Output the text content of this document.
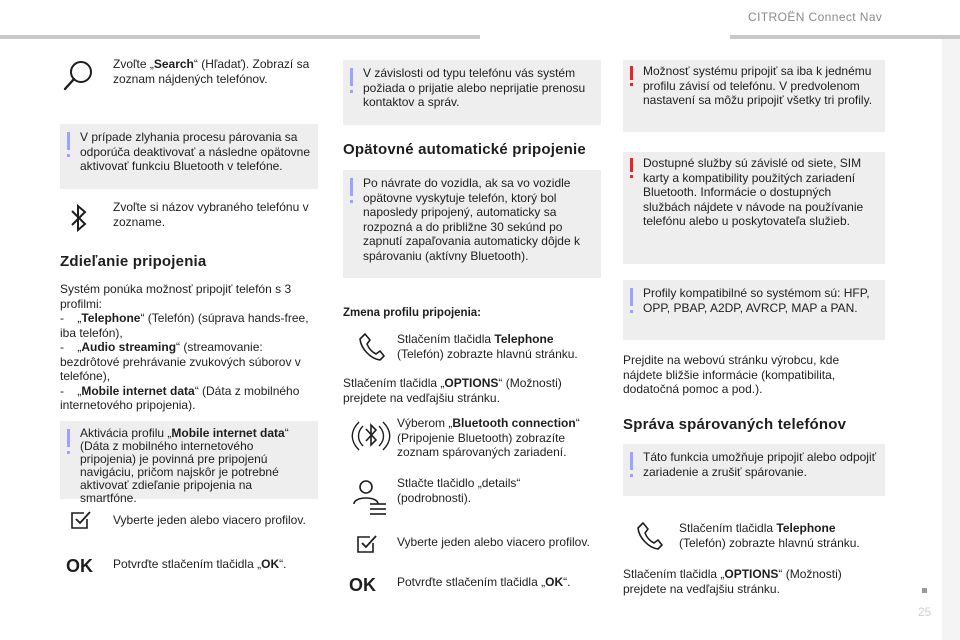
CITROËN Connect Nav
25
Zvoľte „Search“ (Hľadať). Zobrazí sa zoznam nájdených telefónov.
V prípade zlyhania procesu párovania sa odporúča deaktivovať a následne opätovne aktivovať funkciu Bluetooth v telefóne.
Zvoľte si názov vybraného telefónu v zozname.
Zdieľanie pripojenia
Systém ponúka možnosť pripojiť telefón s 3 profilmi:
- „Telephone“ (Telefón) (súprava hands-free, iba telefón),
- „Audio streaming“ (streamovanie: bezdrôtové prehrávanie zvukových súborov v telefóne),
- „Mobile internet data“ (Dáta z mobilného internetového pripojenia).
Aktivácia profilu „Mobile internet data“ (Dáta z mobilného internetového pripojenia) je povinná pre pripojenú navigáciu, pričom najskôr je potrebné aktivovať zdieľanie pripojenia na smartfóne.
Vyberte jeden alebo viacero profilov.
OK Potvrďte stlačením tlačidla „OK“.
V závislosti od typu telefónu vás systém požiada o prijatie alebo neprijatie prenosu kontaktov a správ.
Opätovné automatické pripojenie
Po návrate do vozidla, ak sa vo vozidle opätovne vyskytuje telefón, ktorý bol naposledy pripojený, automaticky sa rozpozná a do približne 30 sekúnd po zapnutí zapaľovania automaticky dôjde k spárovaniu (aktívny Bluetooth).
Zmena profilu pripojenia:
Stlačením tlačidla Telephone (Telefón) zobrazte hlavnú stránku.
Stlačením tlačidla „OPTIONS“ (Možnosti) prejdete na vedľajšiu stránku.
Výberom „Bluetooth connection“ (Pripojenie Bluetooth) zobrazíte zoznam spárovaných zariadení.
Stlačte tlačidlo „details“ (podrobnosti).
Vyberte jeden alebo viacero profilov.
OK Potvrďte stlačením tlačidla „OK“.
Možnosť systému pripojiť sa iba k jednému profilu závisí od telefónu. V predvolenom nastavení sa môžu pripojiť všetky tri profily.
Dostupné služby sú závislé od siete, SIM karty a kompatibility použitých zariadení Bluetooth. Informácie o dostupných službách nájdete v návode na používanie telefónu alebo u poskytovateľa služieb.
Profily kompatibilné so systémom sú: HFP, OPP, PBAP, A2DP, AVRCP, MAP a PAN.
Prejdite na webovú stránku výrobcu, kde nájdete bližšie informácie (kompatibilita, dodatočná pomoc a pod.).
Správa spárovaných telefónov
Táto funkcia umožňuje pripojiť alebo odpojiť zariadenie a zrušiť spárovanie.
Stlačením tlačidla Telephone (Telefón) zobrazte hlavnú stránku.
Stlačením tlačidla „OPTIONS“ (Možnosti) prejdete na vedľajšiu stránku.
